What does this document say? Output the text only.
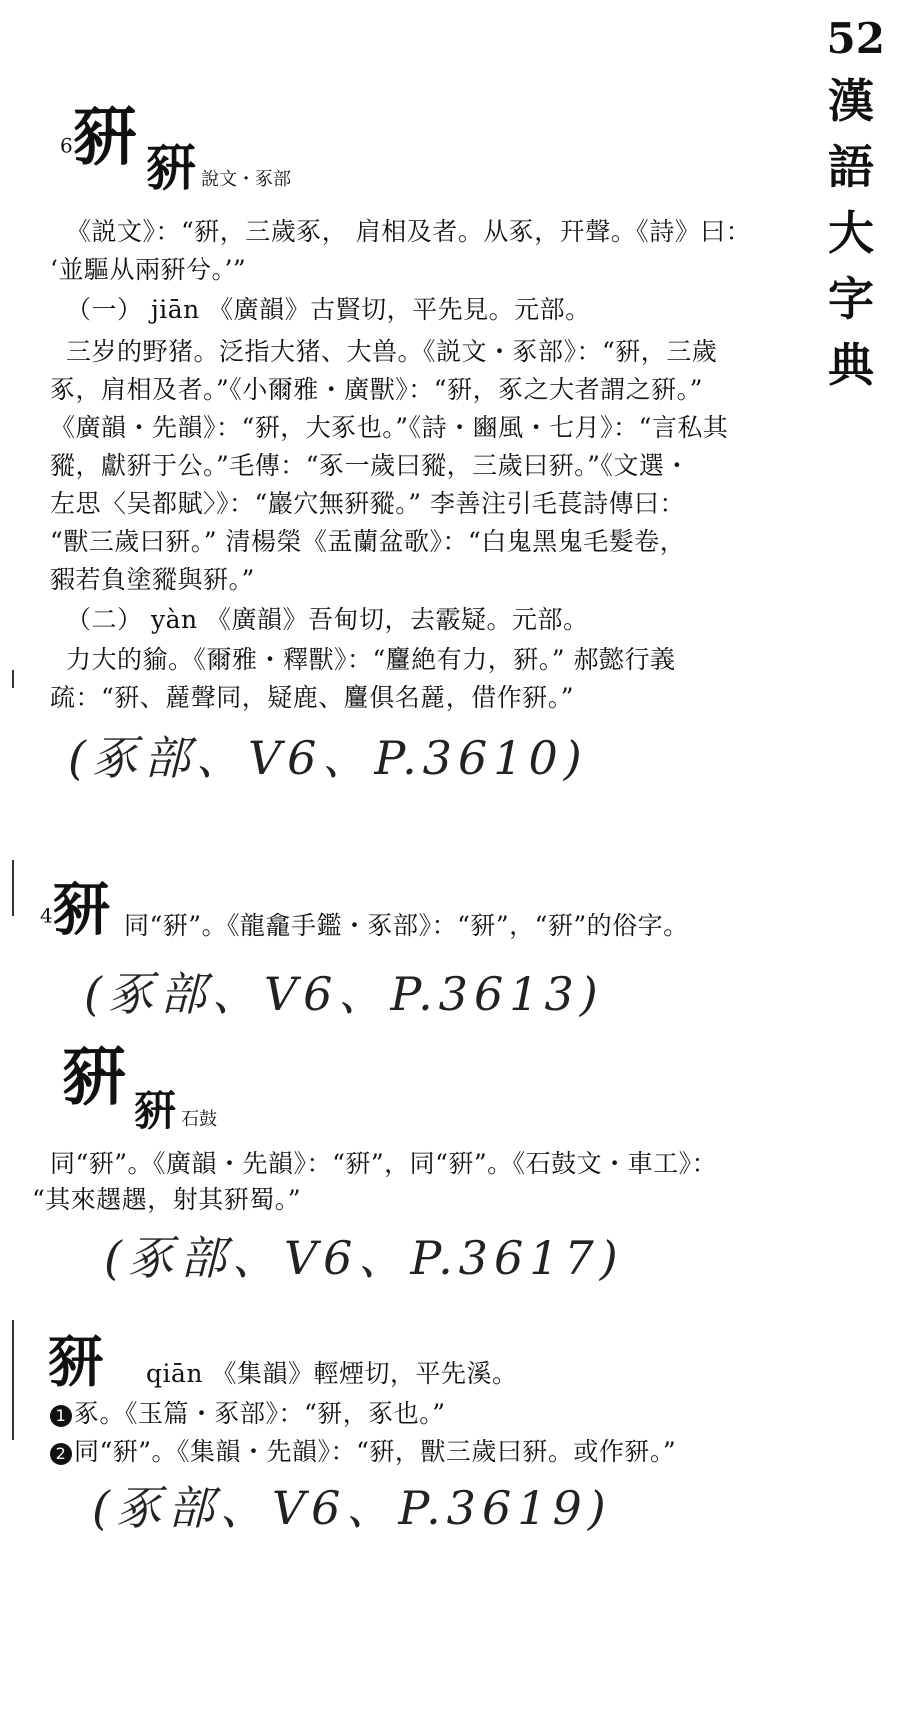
52
漢
語
大
字
典
6豣 豣 說文・豖部
《説文》：“豣，三歲豖， 肩相及者。从豖，幵聲。《詩》曰：
‘並驅从兩豣兮。’”
（一） jiān 《廣韻》古賢切，平先見。元部。
三岁的野猪。泛指大猪、大兽。《説文・豖部》：“豣，三歲
豖，肩相及者。”《小爾雅・廣獸》：“豣，豖之大者謂之豣。”
《廣韻・先韻》：“豣，大豖也。”《詩・豳風・七月》：“言私其
豵，獻豣于公。”毛傳：“豖一歲曰豵，三歲曰豣。”《文選・
左思〈吴都賦〉》：“巖穴無豣豵。” 李善注引毛萇詩傳曰：
“獸三歲曰豣。” 清楊榮《盂蘭盆歌》：“白鬼黑鬼毛髮卷，
豭若負塗豵與豣。”
（二） yàn 《廣韻》吾甸切，去霰疑。元部。
力大的貐。《爾雅・釋獸》：“麠絶有力，豣。” 郝懿行義
疏：“豣、麉聲同，疑鹿、麠俱名麉，借作豣。”
(豖部、V6、P.3610)
4豜 同“豣”。《龍龕手鑑・豖部》：“豜”，“豣”的俗字。
(豖部、V6、P.3613)
豣 豣 石鼓
同“豣”。《廣韻・先韻》：“豣”，同“豣”。《石鼓文・車工》：
“其來趩趩，射其豣蜀。”
(豖部、V6、P.3617)
豜 qiān 《集韻》輕煙切，平先溪。
1 豖。《玉篇・豖部》：“豜，豖也。”
2 同“豣”。《集韻・先韻》：“豣，獸三歲曰豣。或作豜。”
(豖部、V6、P.3619)
